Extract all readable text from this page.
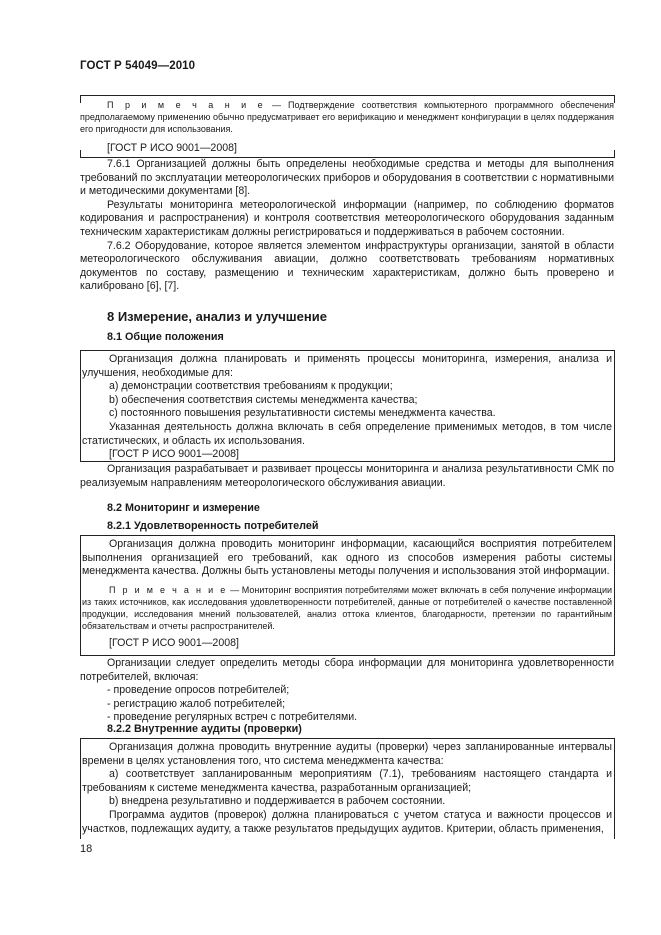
ГОСТ Р 54049—2010

П р и м е ч а н и е — Подтверждение соответствия компьютерного программного обеспечения предполагаемому применению обычно предусматривает его верификацию и менеджмент конфигурации в целях поддержания его пригодности для использования.

[ГОСТ Р ИСО 9001—2008]

7.6.1 Организацией должны быть определены необходимые средства и методы для выполнения требований по эксплуатации метеорологических приборов и оборудования в соответствии с нормативными и методическими документами [8].

Результаты мониторинга метеорологической информации (например, по соблюдению форматов кодирования и распространения) и контроля соответствия метеорологического оборудования заданным техническим характеристикам должны регистрироваться и поддерживаться в рабочем состоянии.

7.6.2 Оборудование, которое является элементом инфраструктуры организации, занятой в области метеорологического обслуживания авиации, должно соответствовать требованиям нормативных документов по составу, размещению и техническим характеристикам, должно быть проверено и калибровано [6], [7].

8 Измерение, анализ и улучшение

8.1 Общие положения

Организация должна планировать и применять процессы мониторинга, измерения, анализа и улучшения, необходимые для:

а) демонстрации соответствия требованиям к продукции;

b) обеспечения соответствия системы менеджмента качества;

c) постоянного повышения результативности системы менеджмента качества.

Указанная деятельность должна включать в себя определение применимых методов, в том числе статистических, и область их использования.

[ГОСТ Р ИСО 9001—2008]

Организация разрабатывает и развивает процессы мониторинга и анализа результативности СМК по реализуемым направлениям метеорологического обслуживания авиации.

8.2 Мониторинг и измерение

8.2.1 Удовлетворенность потребителей

Организация должна проводить мониторинг информации, касающийся восприятия потребителем выполнения организацией его требований, как одного из способов измерения работы системы менеджмента качества. Должны быть установлены методы получения и использования этой информации.

П р и м е ч а н и е — Мониторинг восприятия потребителями может включать в себя получение информации из таких источников, как исследования удовлетворенности потребителей, данные от потребителей о качестве поставленной продукции, исследования мнений пользователей, анализ оттока клиентов, благодарности, претензии по гарантийным обязательствам и отчеты распространителей.

[ГОСТ Р ИСО 9001—2008]

Организации следует определить методы сбора информации для мониторинга удовлетворенности потребителей, включая:

- проведение опросов потребителей;

- регистрацию жалоб потребителей;

- проведение регулярных встреч с потребителями.

8.2.2 Внутренние аудиты (проверки)

Организация должна проводить внутренние аудиты (проверки) через запланированные интервалы времени в целях установления того, что система менеджмента качества:

а) соответствует запланированным мероприятиям (7.1), требованиям настоящего стандарта и требованиям к системе менеджмента качества, разработанным организацией;

b) внедрена результативно и поддерживается в рабочем состоянии.

Программа аудитов (проверок) должна планироваться с учетом статуса и важности процессов и участков, подлежащих аудиту, а также результатов предыдущих аудитов. Критерии, область применения,

18
